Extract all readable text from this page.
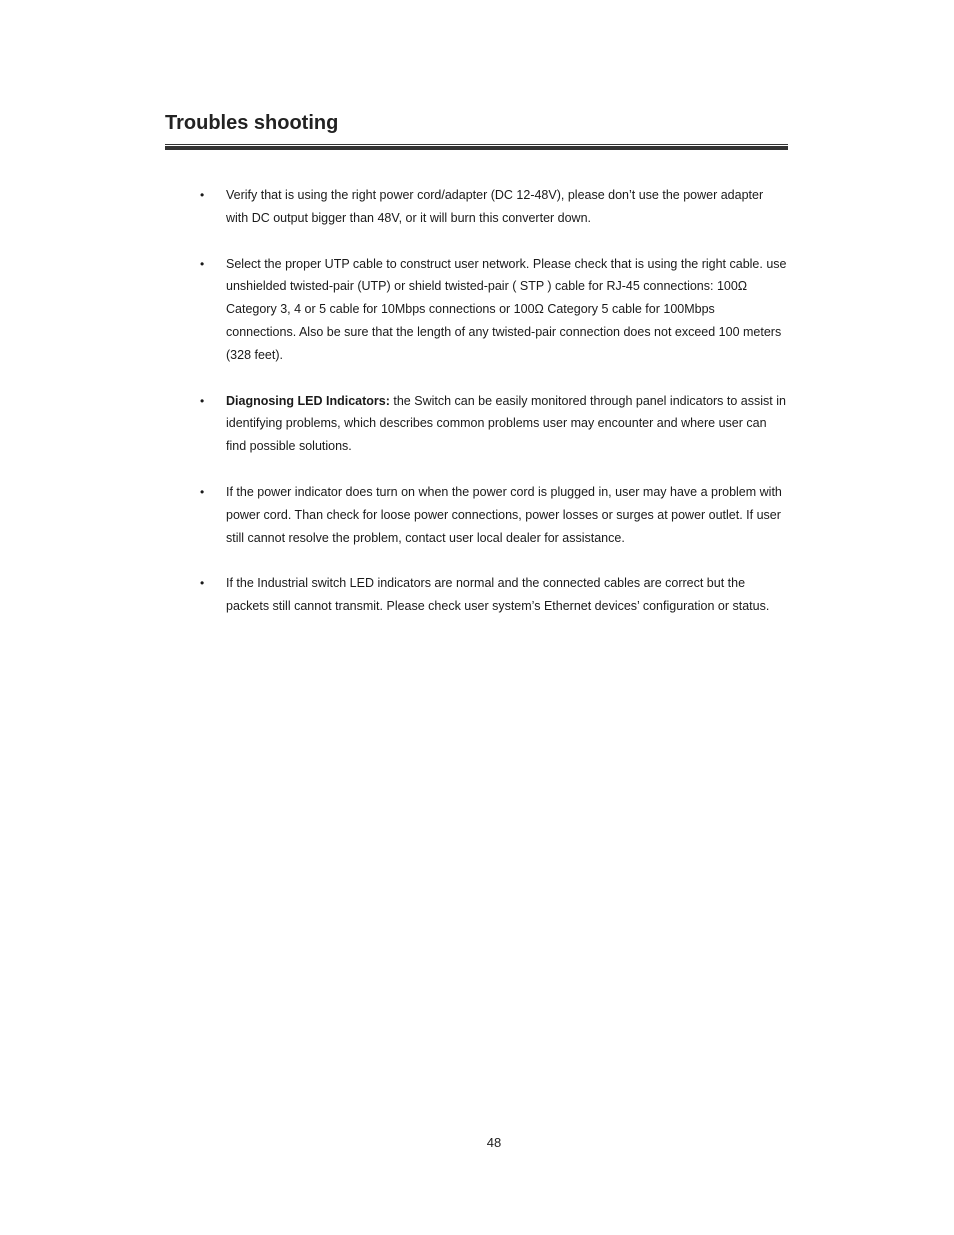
Troubles shooting
• Verify that is using the right power cord/adapter (DC 12-48V), please don’t use the power adapter with DC output bigger than 48V, or it will burn this converter down.
• Select the proper UTP cable to construct user network. Please check that is using the right cable. use unshielded twisted-pair (UTP) or shield twisted-pair ( STP ) cable for RJ-45 connections: 100Ω Category 3, 4 or 5 cable for 10Mbps connections or 100Ω Category 5 cable for 100Mbps connections. Also be sure that the length of any twisted-pair connection does not exceed 100 meters (328 feet).
• Diagnosing LED Indicators: the Switch can be easily monitored through panel indicators to assist in identifying problems, which describes common problems user may encounter and where user can find possible solutions.
• If the power indicator does turn on when the power cord is plugged in, user may have a problem with power cord. Than check for loose power connections, power losses or surges at power outlet. If user still cannot resolve the problem, contact user local dealer for assistance.
• If the Industrial switch LED indicators are normal and the connected cables are correct but the packets still cannot transmit. Please check user system’s Ethernet devices’ configuration or status.
48
